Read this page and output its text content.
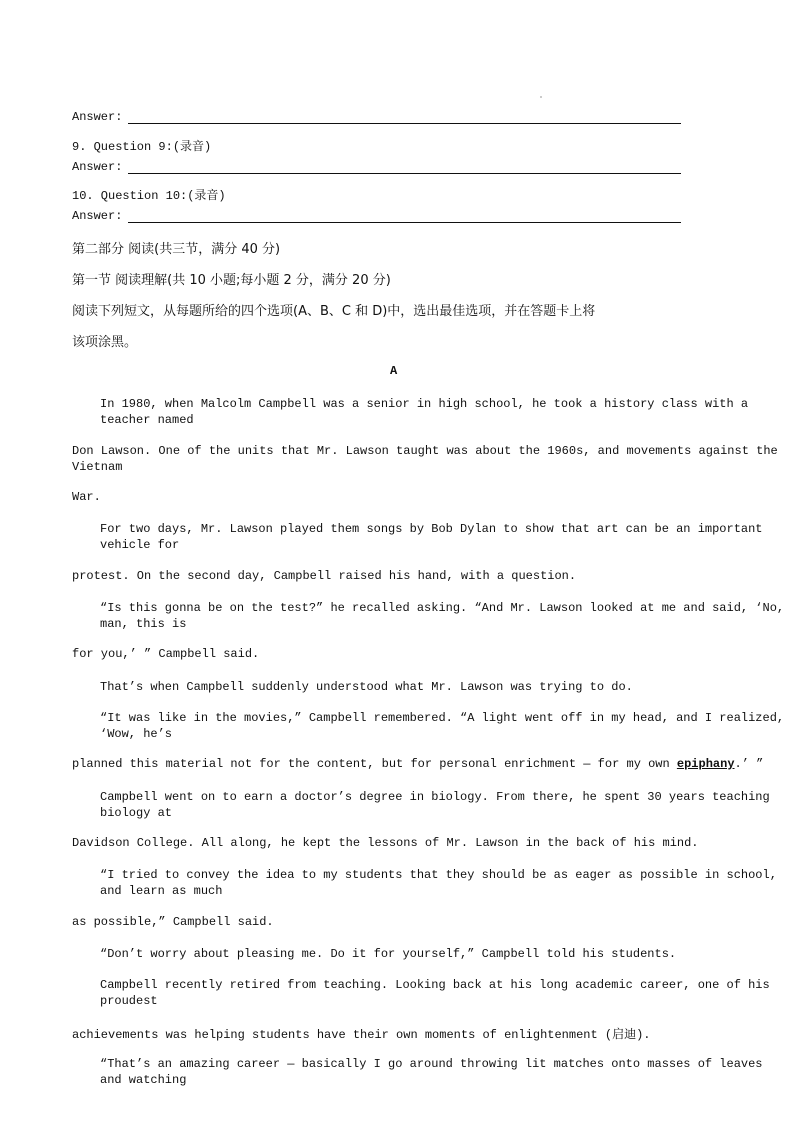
Answer:
9. Question 9:(录音)
Answer:
10. Question 10:(录音)
Answer:
第二部分 阅读(共三节，满分 40 分)
第一节 阅读理解(共 10 小题;每小题 2 分，满分 20 分)
阅读下列短文，从每题所给的四个选项(A、B、C 和 D)中，选出最佳选项，并在答题卡上将
该项涂黑。
A
In 1980, when Malcolm Campbell was a senior in high school, he took a history class with a teacher named
Don Lawson. One of the units that Mr. Lawson taught was about the 1960s, and movements against the Vietnam
War.
For two days, Mr. Lawson played them songs by Bob Dylan to show that art can be an important vehicle for
protest. On the second day, Campbell raised his hand, with a question.
“Is this gonna be on the test?” he recalled asking. “And Mr. Lawson looked at me and said, ‘No, man, this is
for you,’ ” Campbell said.
That’s when Campbell suddenly understood what Mr. Lawson was trying to do.
“It was like in the movies,” Campbell remembered. “A light went off in my head, and I realized, ‘Wow, he’s
planned this material not for the content, but for personal enrichment — for my own epiphany.’ ”
Campbell went on to earn a doctor’s degree in biology. From there, he spent 30 years teaching biology at
Davidson College. All along, he kept the lessons of Mr. Lawson in the back of his mind.
“I tried to convey the idea to my students that they should be as eager as possible in school, and learn as much
as possible,” Campbell said.
“Don’t worry about pleasing me. Do it for yourself,” Campbell told his students.
Campbell recently retired from teaching. Looking back at his long academic career, one of his proudest
achievements was helping students have their own moments of enlightenment (启迪).
“That’s an amazing career — basically I go around throwing lit matches onto masses of leaves and watching
